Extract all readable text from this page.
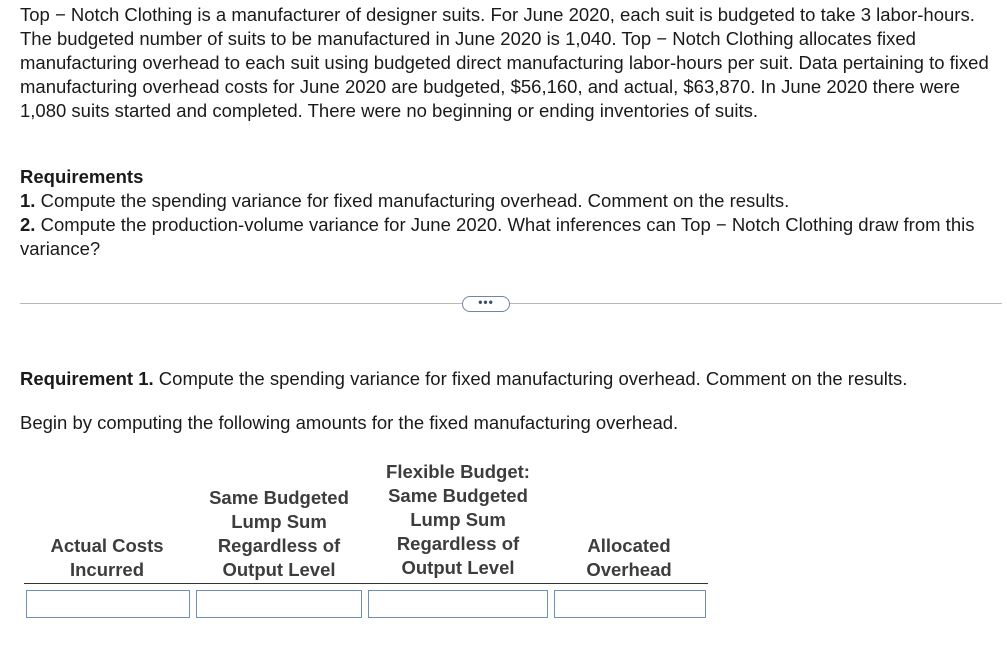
Top − Notch Clothing is a manufacturer of designer suits. For June 2020, each suit is budgeted to take 3 labor-hours. The budgeted number of suits to be manufactured in June 2020 is 1,040. Top − Notch Clothing allocates fixed manufacturing overhead to each suit using budgeted direct manufacturing labor-hours per suit. Data pertaining to fixed manufacturing overhead costs for June 2020 are budgeted, $56,160, and actual, $63,870. In June 2020 there were 1,080 suits started and completed. There were no beginning or ending inventories of suits.
Requirements
1. Compute the spending variance for fixed manufacturing overhead. Comment on the results.
2. Compute the production-volume variance for June 2020. What inferences can Top − Notch Clothing draw from this variance?
•••
Requirement 1. Compute the spending variance for fixed manufacturing overhead. Comment on the results.
Begin by computing the following amounts for the fixed manufacturing overhead.
Actual Costs
Incurred
Same Budgeted
Lump Sum
Regardless of
Output Level
Flexible Budget:
Same Budgeted
Lump Sum
Regardless of
Output Level
Allocated
Overhead
